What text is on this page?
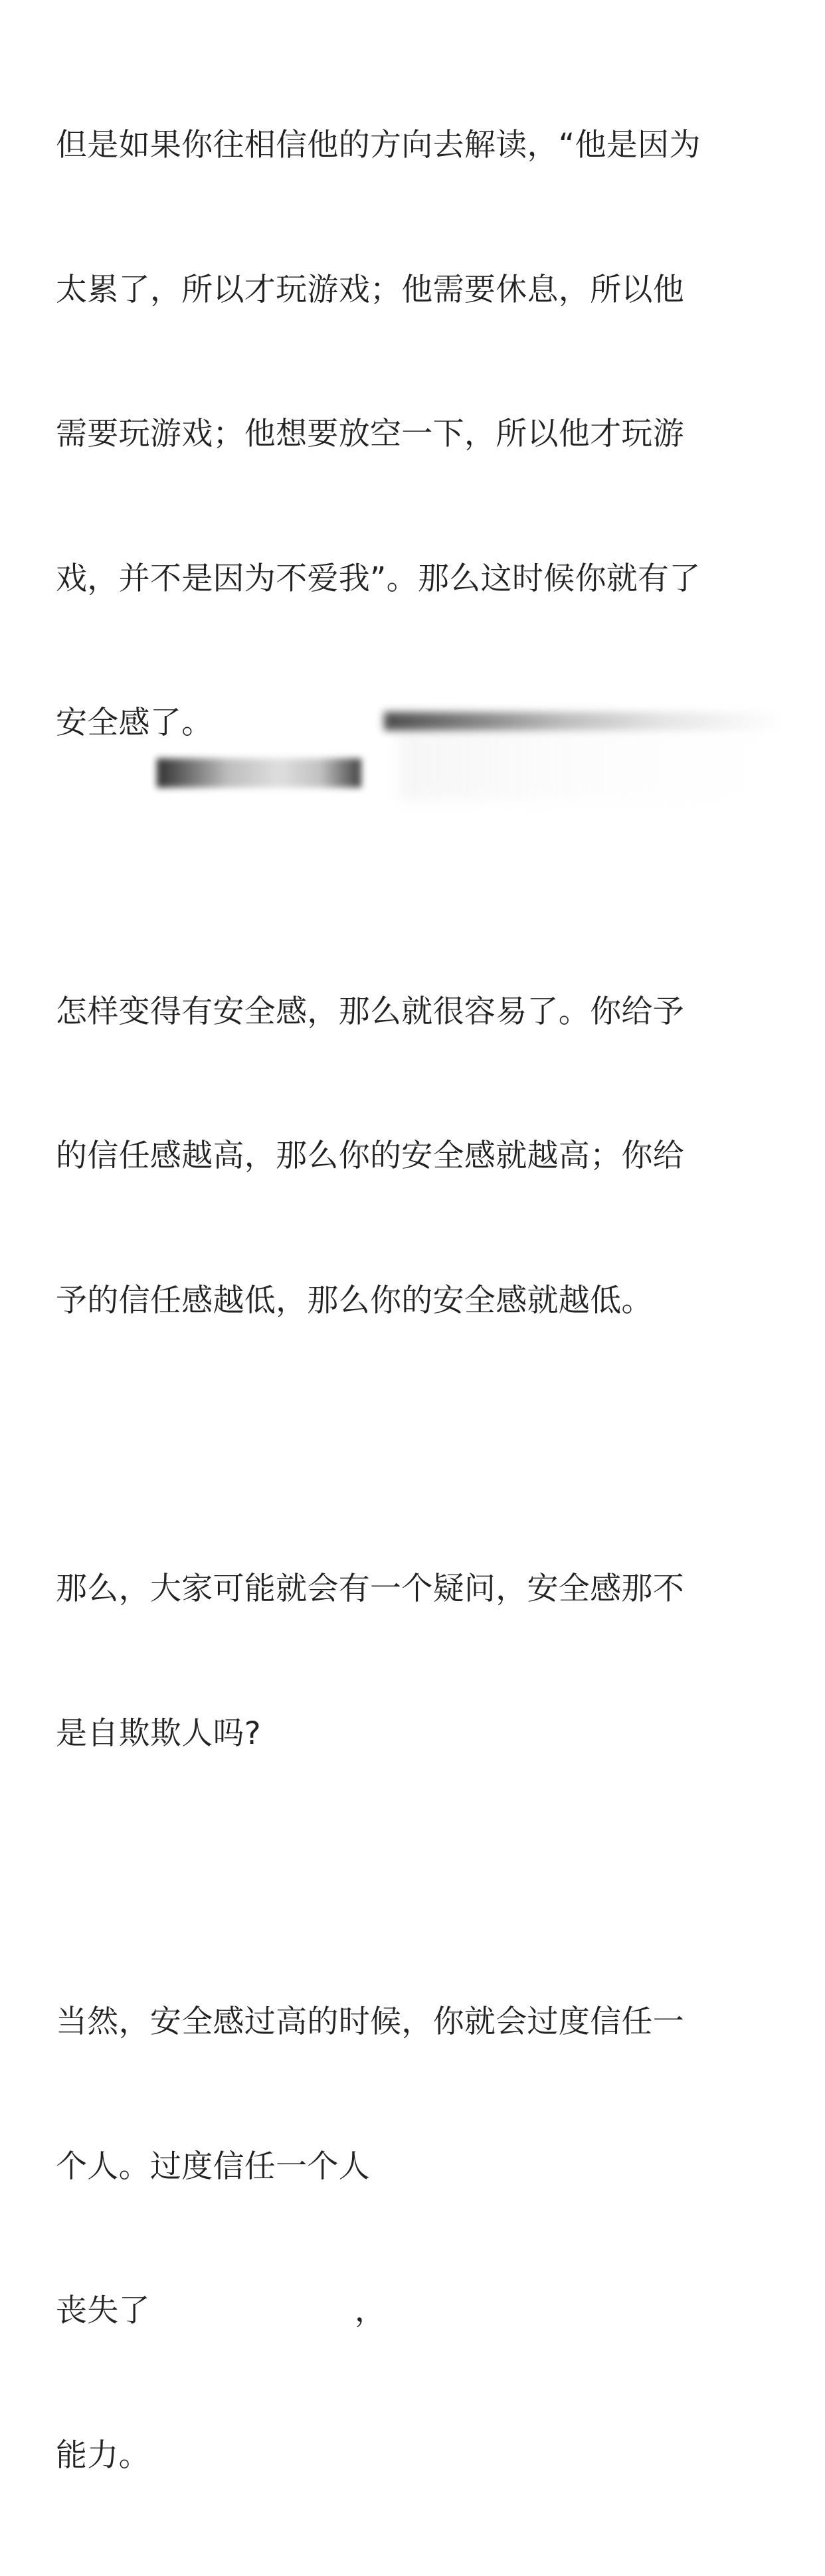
但是如果你往相信他的方向去解读，“他是因为

太累了，所以才玩游戏；他需要休息，所以他

需要玩游戏；他想要放空一下，所以他才玩游

戏，并不是因为不爱我”。那么这时候你就有了

安全感了。

怎样变得有安全感，那么就很容易了。你给予

的信任感越高，那么你的安全感就越高；你给

予的信任感越低，那么你的安全感就越低。

那么，大家可能就会有一个疑问，安全感那不

是自欺欺人吗?

当然，安全感过高的时候，你就会过度信任一

个人。过度信任一个人

丧失了	，

能力。
